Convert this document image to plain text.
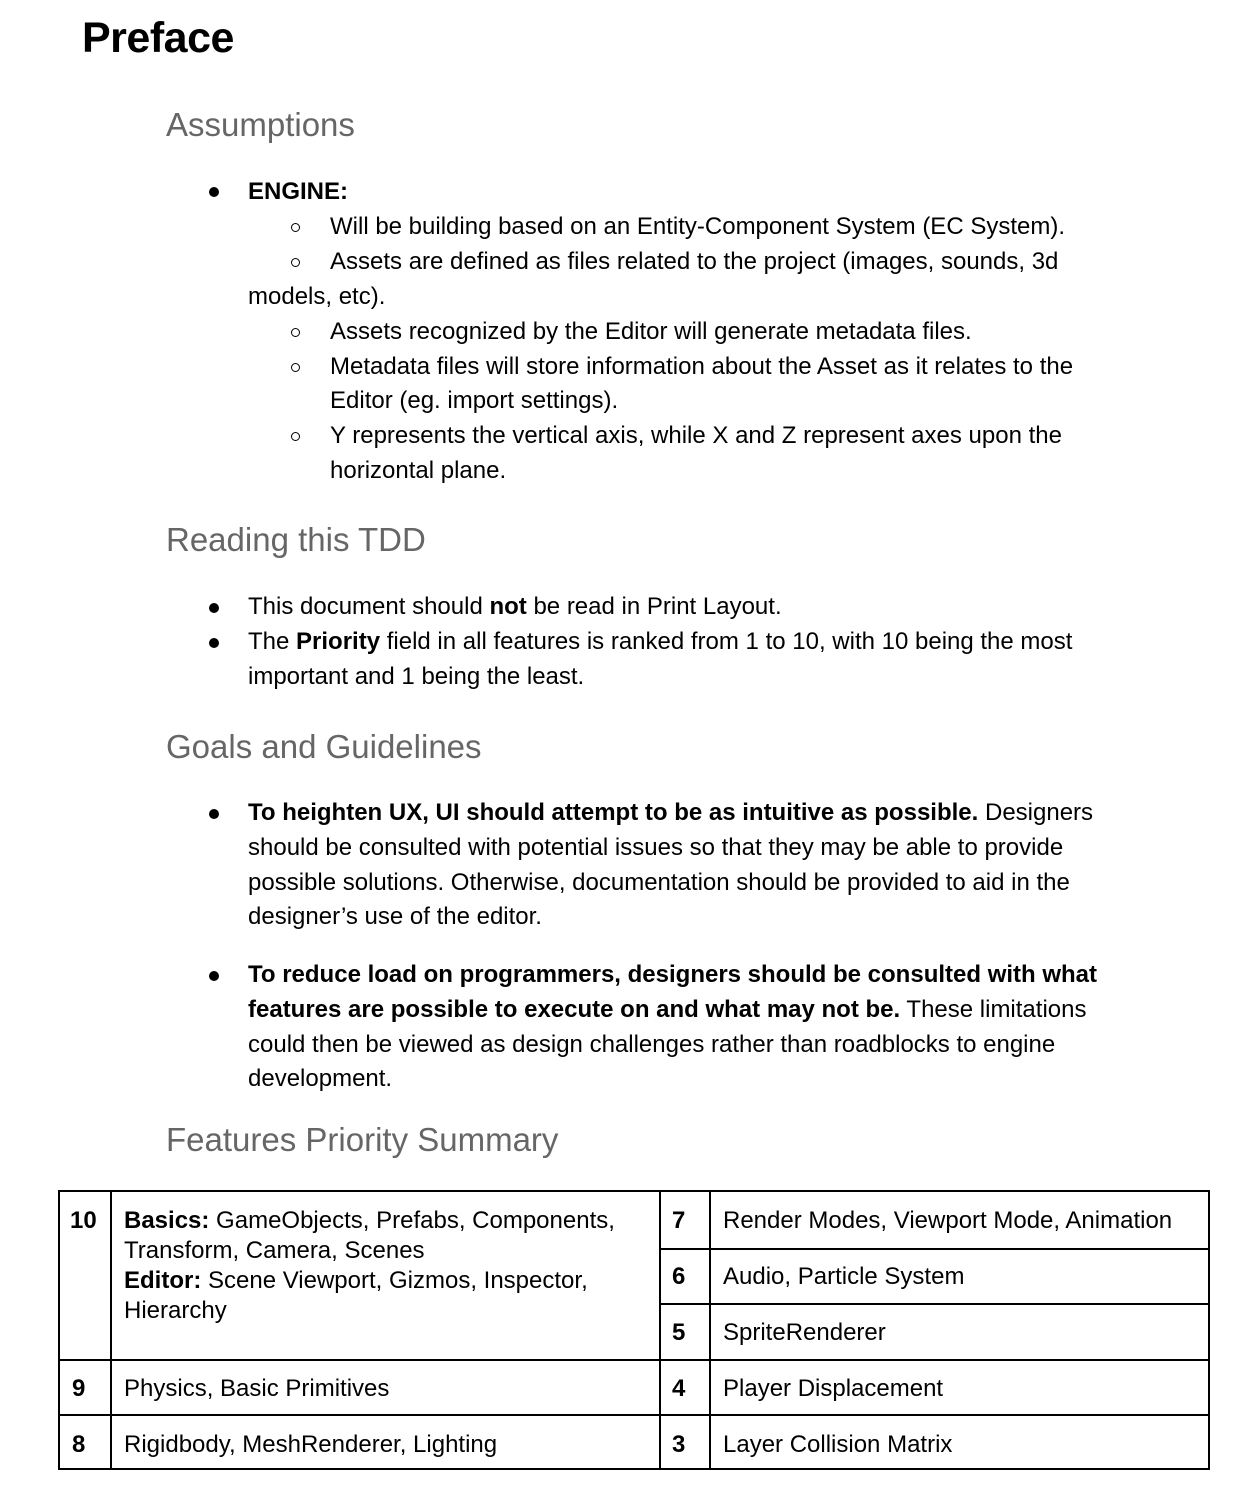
Preface
Assumptions
ENGINE:
Will be building based on an Entity-Component System (EC System).
Assets are defined as files related to the project (images, sounds, 3d
models, etc).
Assets recognized by the Editor will generate metadata files.
Metadata files will store information about the Asset as it relates to the
Editor (eg. import settings).
Y represents the vertical axis, while X and Z represent axes upon the
horizontal plane.
Reading this TDD
This document should not be read in Print Layout.
The Priority field in all features is ranked from 1 to 10, with 10 being the most
important and 1 being the least.
Goals and Guidelines
To heighten UX, UI should attempt to be as intuitive as possible. Designers
should be consulted with potential issues so that they may be able to provide
possible solutions. Otherwise, documentation should be provided to aid in the
designer’s use of the editor.
To reduce load on programmers, designers should be consulted with what
features are possible to execute on and what may not be. These limitations
could then be viewed as design challenges rather than roadblocks to engine
development.
Features Priority Summary
10 Basics: GameObjects, Prefabs, Components,
Transform, Camera, Scenes
Editor: Scene Viewport, Gizmos, Inspector,
Hierarchy
9 Physics, Basic Primitives
8 Rigidbody, MeshRenderer, Lighting
7 Render Modes, Viewport Mode, Animation
6 Audio, Particle System
5 SpriteRenderer
4 Player Displacement
3 Layer Collision Matrix
